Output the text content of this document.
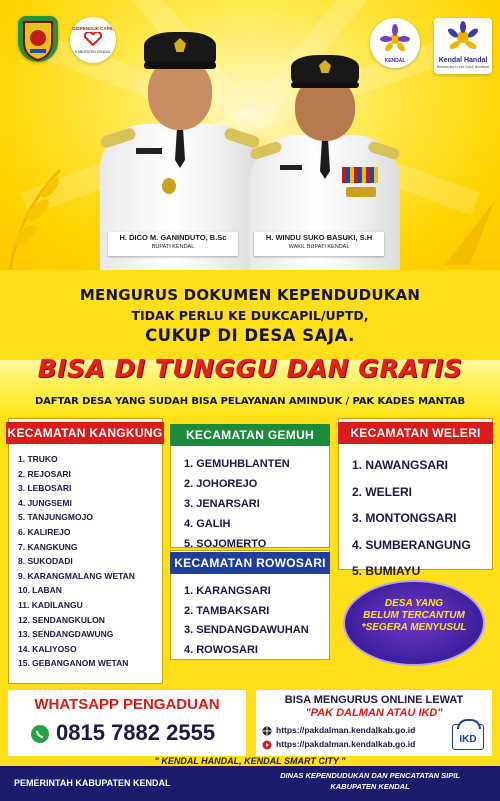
DISPENDUK CAPIL
KABUPATEN KENDAL
KENDAL	Kendal Handal
Berdaulat Lurut Dadi Bedikari
H. DICO M. GANINDUTO, B.Sc
BUPATI KENDAL
H. WINDU SUKO BASUKI, S.H
WAKIL BUPATI KENDAL
MENGURUS DOKUMEN KEPENDUDUKAN
TIDAK PERLU KE DUKCAPIL/UPTD,
CUKUP DI DESA SAJA.
BISA DI TUNGGU DAN GRATIS
DAFTAR DESA YANG SUDAH BISA PELAYANAN AMINDUK / PAK KADES MANTAB
KECAMATAN KANGKUNG
1. TRUKO
2. REJOSARI
3. LEBOSARI
4. JUNGSEMI
5. TANJUNGMOJO
6. KALIREJO
7. KANGKUNG
8. SUKODADI
9. KARANGMALANG WETAN
10. LABAN
11. KADILANGU
12. SENDANGKULON
13. SENDANGDAWUNG
14. KALIYOSO
15. GEBANGANOM WETAN
KECAMATAN GEMUH
1. GEMUHBLANTEN
2. JOHOREJO
3. JENARSARI
4. GALIH
5. SOJOMERTO
KECAMATAN ROWOSARI
1. KARANGSARI
2. TAMBAKSARI
3. SENDANGDAWUHAN
4. ROWOSARI
KECAMATAN WELERI
1. NAWANGSARI
2. WELERI
3. MONTONGSARI
4. SUMBERANGUNG
5. BUMIAYU
DESA YANG
BELUM TERCANTUM
*SEGERA MENYUSUL
WHATSAPP PENGADUAN
0815 7882 2555
BISA MENGURUS ONLINE LEWAT
"PAK DALMAN ATAU IKD"
https://pakdalman.kendalkab.go.id
https://pakdalman.kendalkab.go.id	IKD
" KENDAL HANDAL, KENDAL SMART CITY "
PEMERINTAH KABUPATEN KENDAL
DINAS KEPENDUDUKAN DAN PENCATATAN SIPIL
KABUPATEN KENDAL
